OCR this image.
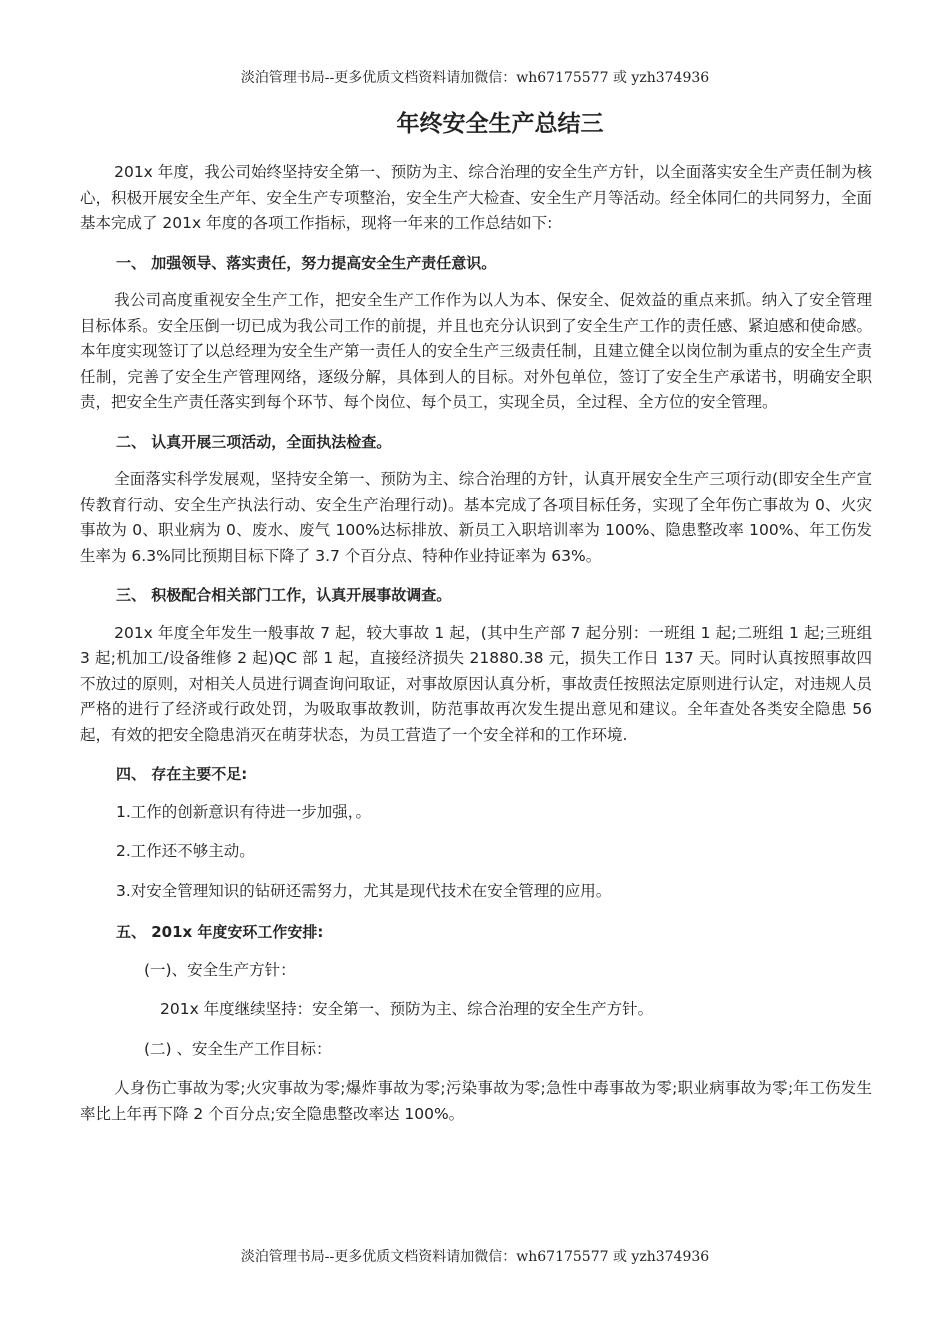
淡泊管理书局--更多优质文档资料请加微信：wh67175577 或 yzh374936
年终安全生产总结三

201x 年度，我公司始终坚持安全第一、预防为主、综合治理的安全生产方针，以全面落实安全生产责任制为核心，积极开展安全生产年、安全生产专项整治，安全生产大检查、安全生产月等活动。经全体同仁的共同努力，全面基本完成了 201x 年度的各项工作指标，现将一年来的工作总结如下:

一、 加强领导、落实责任，努力提高安全生产责任意识。

我公司高度重视安全生产工作，把安全生产工作作为以人为本、保安全、促效益的重点来抓。纳入了安全管理目标体系。安全压倒一切已成为我公司工作的前提，并且也充分认识到了安全生产工作的责任感、紧迫感和使命感。本年度实现签订了以总经理为安全生产第一责任人的安全生产三级责任制，且建立健全以岗位制为重点的安全生产责任制，完善了安全生产管理网络，逐级分解，具体到人的目标。对外包单位，签订了安全生产承诺书，明确安全职责，把安全生产责任落实到每个环节、每个岗位、每个员工，实现全员，全过程、全方位的安全管理。

二、 认真开展三项活动，全面执法检查。

全面落实科学发展观，坚持安全第一、预防为主、综合治理的方针，认真开展安全生产三项行动(即安全生产宣传教育行动、安全生产执法行动、安全生产治理行动)。基本完成了各项目标任务，实现了全年伤亡事故为 0、火灾事故为 0、职业病为 0、废水、废气 100%达标排放、新员工入职培训率为 100%、隐患整改率 100%、年工伤发生率为 6.3%同比预期目标下降了 3.7 个百分点、特种作业持证率为 63%。

三、 积极配合相关部门工作，认真开展事故调查。

201x 年度全年发生一般事故 7 起，较大事故 1 起，(其中生产部 7 起分别：一班组 1 起;二班组 1 起;三班组 3 起;机加工/设备维修 2 起)QC 部 1 起，直接经济损失 21880.38 元，损失工作日 137 天。同时认真按照事故四不放过的原则，对相关人员进行调查询问取证，对事故原因认真分析，事故责任按照法定原则进行认定，对违规人员严格的进行了经济或行政处罚，为吸取事故教训，防范事故再次发生提出意见和建议。全年查处各类安全隐患 56 起，有效的把安全隐患消灭在萌芽状态，为员工营造了一个安全祥和的工作环境.

四、 存在主要不足:

1.工作的创新意识有待进一步加强，。

2.工作还不够主动。

3.对安全管理知识的钻研还需努力，尤其是现代技术在安全管理的应用。

五、 201x 年度安环工作安排:

(一)、安全生产方针：

201x 年度继续坚持：安全第一、预防为主、综合治理的安全生产方针。

(二) 、安全生产工作目标：

人身伤亡事故为零;火灾事故为零;爆炸事故为零;污染事故为零;急性中毒事故为零;职业病事故为零;年工伤发生率比上年再下降 2 个百分点;安全隐患整改率达 100%。

淡泊管理书局--更多优质文档资料请加微信：wh67175577 或 yzh374936
